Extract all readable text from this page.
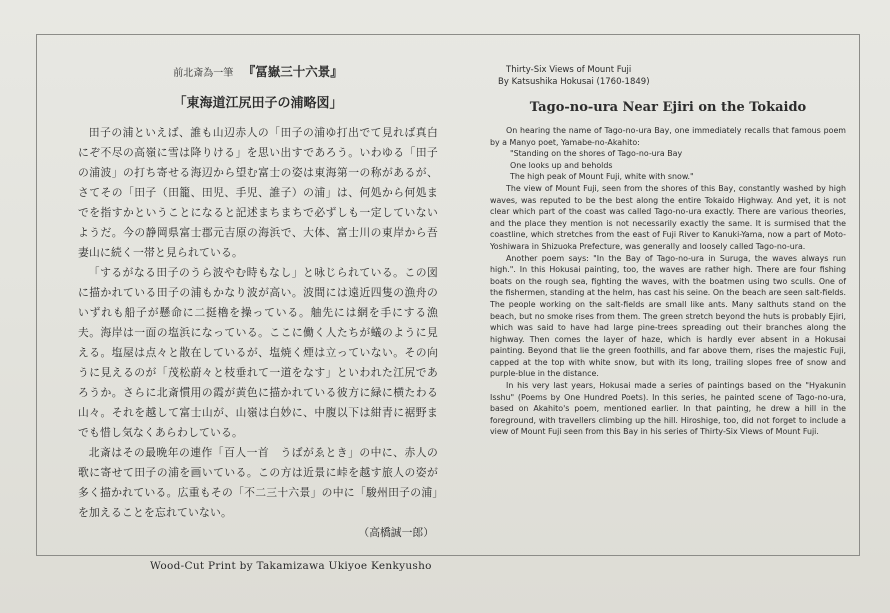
前北斎為一筆 『冨嶽三十六景』

「東海道江尻田子の浦略図」

田子の浦といえば、誰も山辺赤人の「田子の浦ゆ打出でて見れば真白にぞ不尽の高嶺に雪は降りける」を思い出すであろう。いわゆる「田子の浦波」の打ち寄せる海辺から望む富士の姿は東海第一の称があるが、さてその「田子（田籠、田児、手児、誰子）の浦」は、何処から何処までを指すかということになると記述まちまちで必ずしも一定していないようだ。今の静岡県富士郡元吉原の海浜で、大体、富士川の東岸から吾妻山に続く一帯と見られている。

「するがなる田子のうら波やむ時もなし」と咏じられている。この図に描かれている田子の浦もかなり波が高い。波間には遠近四隻の漁舟のいずれも船子が懸命に二挺櫓を操っている。舳先には網を手にする漁夫。海岸は一面の塩浜になっている。ここに働く人たちが蟻のように見える。塩屋は点々と散在しているが、塩焼く煙は立っていない。その向うに見えるのが「茂松蔚々と枝垂れて一道をなす」といわれた江尻であろうか。さらに北斎慣用の霞が黄色に描かれている彼方に緑に横たわる山々。それを越して富士山が、山嶺は白妙に、中腹以下は紺青に裾野までも惜し気なくあらわしている。

北斎はその最晩年の連作「百人一首　うばがゑとき」の中に、赤人の歌に寄せて田子の浦を画いている。この方は近景に峠を越す旅人の姿が多く描かれている。広重もその「不二三十六景」の中に「駿州田子の浦」を加えることを忘れていない。

（高橋誠一郎）

Thirty-Six Views of Mount Fuji

By Katsushika Hokusai (1760-1849)

Tago-no-ura Near Ejiri on the Tokaido

On hearing the name of Tago-no-ura Bay, one immediately recalls that famous poem by a Manyo poet, Yamabe-no-Akahito:

"Standing on the shores of Tago-no-ura Bay

One looks up and beholds

The high peak of Mount Fuji, white with snow."

The view of Mount Fuji, seen from the shores of this Bay, constantly washed by high waves, was reputed to be the best along the entire Tokaido Highway. And yet, it is not clear which part of the coast was called Tago-no-ura exactly. There are various theories, and the place they mention is not necessarily exactly the same. It is surmised that the coastline, which stretches from the east of Fuji River to Kanuki-Yama, now a part of Moto-Yoshiwara in Shizuoka Prefecture, was generally and loosely called Tago-no-ura.

Another poem says: "In the Bay of Tago-no-ura in Suruga, the waves always run high.". In this Hokusai painting, too, the waves are rather high. There are four fishing boats on the rough sea, fighting the waves, with the boatmen using two sculls. One of the fishermen, standing at the helm, has cast his seine. On the beach are seen salt-fields. The people working on the salt-fields are small like ants. Many salthuts stand on the beach, but no smoke rises from them. The green stretch beyond the huts is probably Ejiri, which was said to have had large pine-trees spreading out their branches along the highway. Then comes the layer of haze, which is hardly ever absent in a Hokusai painting. Beyond that lie the green foothills, and far above them, rises the majestic Fuji, capped at the top with white snow, but with its long, trailing slopes free of snow and purple-blue in the distance.

In his very last years, Hokusai made a series of paintings based on the "Hyakunin Isshu" (Poems by One Hundred Poets). In this series, he painted scene of Tago-no-ura, based on Akahito's poem, mentioned earlier. In that painting, he drew a hill in the foreground, with travellers climbing up the hill. Hiroshige, too, did not forget to include a view of Mount Fuji seen from this Bay in his series of Thirty-Six Views of Mount Fuji.

Wood-Cut Print by Takamizawa Ukiyoe Kenkyusho
